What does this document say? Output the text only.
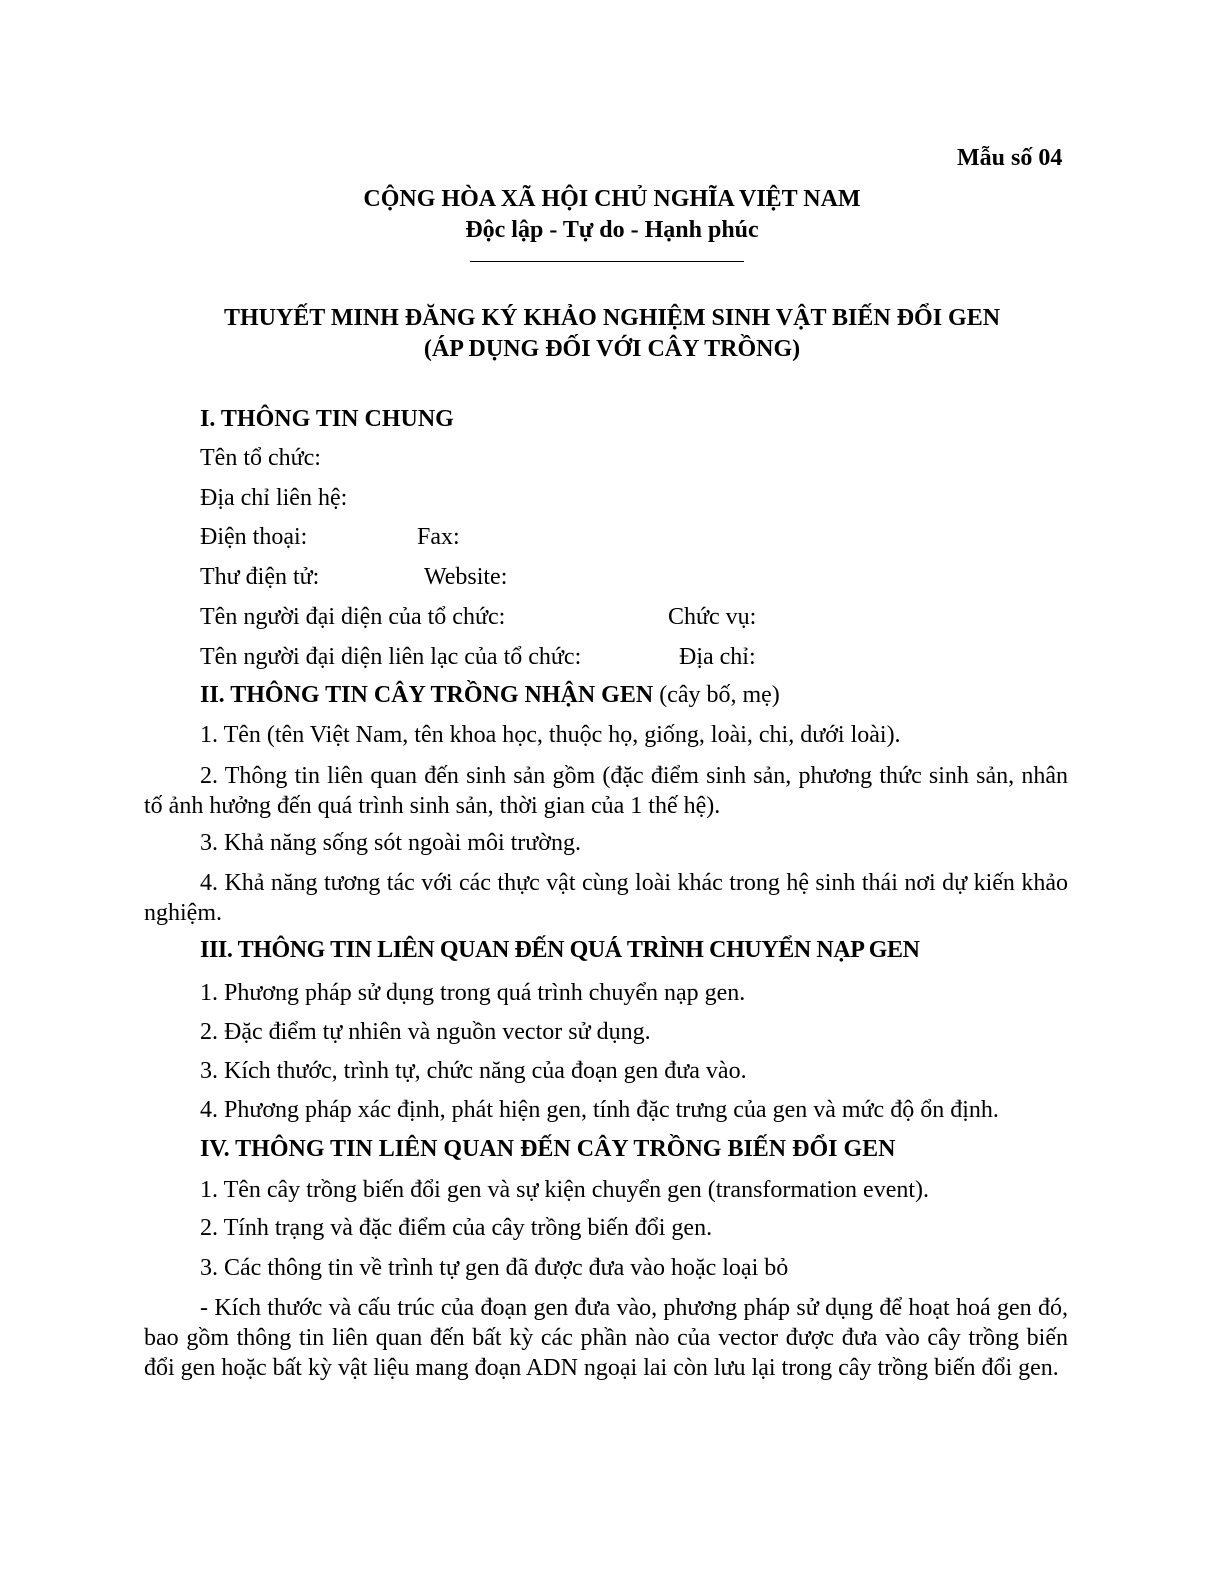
Mẫu số 04
CỘNG HÒA XÃ HỘI CHỦ NGHĨA VIỆT NAM
Độc lập - Tự do - Hạnh phúc
THUYẾT MINH ĐĂNG KÝ KHẢO NGHIỆM SINH VẬT BIẾN ĐỔI GEN
(ÁP DỤNG ĐỐI VỚI CÂY TRỒNG)
I. THÔNG TIN CHUNG
Tên tổ chức:
Địa chỉ liên hệ:
Điện thoại:	Fax:
Thư điện tử:	Website:
Tên người đại diện của tổ chức:	Chức vụ:
Tên người đại diện liên lạc của tổ chức:	Địa chỉ:
II. THÔNG TIN CÂY TRỒNG NHẬN GEN (cây bố, mẹ)
1. Tên (tên Việt Nam, tên khoa học, thuộc họ, giống, loài, chi, dưới loài).
2. Thông tin liên quan đến sinh sản gồm (đặc điểm sinh sản, phương thức sinh sản, nhân tố ảnh hưởng đến quá trình sinh sản, thời gian của 1 thế hệ).
3. Khả năng sống sót ngoài môi trường.
4. Khả năng tương tác với các thực vật cùng loài khác trong hệ sinh thái nơi dự kiến khảo nghiệm.
III. THÔNG TIN LIÊN QUAN ĐẾN QUÁ TRÌNH CHUYỂN NẠP GEN
1. Phương pháp sử dụng trong quá trình chuyển nạp gen.
2. Đặc điểm tự nhiên và nguồn vector sử dụng.
3. Kích thước, trình tự, chức năng của đoạn gen đưa vào.
4. Phương pháp xác định, phát hiện gen, tính đặc trưng của gen và mức độ ổn định.
IV. THÔNG TIN LIÊN QUAN ĐẾN CÂY TRỒNG BIẾN ĐỔI GEN
1. Tên cây trồng biến đổi gen và sự kiện chuyển gen (transformation event).
2. Tính trạng và đặc điểm của cây trồng biến đổi gen.
3. Các thông tin về trình tự gen đã được đưa vào hoặc loại bỏ
- Kích thước và cấu trúc của đoạn gen đưa vào, phương pháp sử dụng để hoạt hoá gen đó, bao gồm thông tin liên quan đến bất kỳ các phần nào của vector được đưa vào cây trồng biến đổi gen hoặc bất kỳ vật liệu mang đoạn ADN ngoại lai còn lưu lại trong cây trồng biến đổi gen.
